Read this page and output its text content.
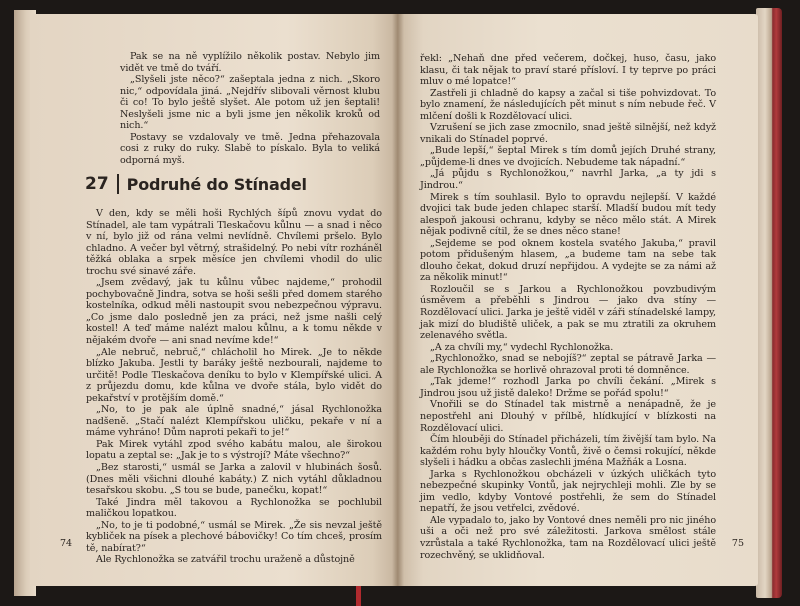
Pak se na ně vyplížilo několik postav. Nebylo jim vidět ve tmě do tváří.

„Slyšeli jste něco?“ zašeptala jedna z nich. „Skoro nic,“ odpovídala jiná. „Nejdřív slibovali věrnost klubu či co! To bylo ještě slyšet. Ale potom už jen šeptali! Neslyšeli jsme nic a byli jsme jen několik kroků od nich.“

Postavy se vzdalovaly ve tmě. Jedna přehazovala cosi z ruky do ruky. Slabě to pískalo. Byla to veliká odporná myš.

27 Podruhé do Stínadel

V den, kdy se měli hoši Rychlých šípů znovu vydat do Stínadel, ale tam vypátrali Tleskačovu kůlnu — a snad i něco v ní, bylo již od rána velmi nevlídně. Chvílemi pršelo. Bylo chladno. A večer byl větrný, strašidelný. Po nebi vítr rozháněl těžká oblaka a srpek měsíce jen chvílemi vhodil do ulic trochu své sinavé záře.

„Jsem zvědavý, jak tu kůlnu vůbec najdeme,“ prohodil pochybovačně Jindra, sotva se hoši sešli před domem starého kostelníka, odkud měli nastoupit svou nebezpečnou výpravu. „Co jsme dalo posledně jen za práci, než jsme našli celý kostel! A teď máme nalézt malou kůlnu, a k tomu někde v nějakém dvoře — ani snad nevíme kde!“

„Ale nebruč, nebruč,“ chlácholil ho Mirek. „Je to někde blízko Jakuba. Jestli ty baráky ještě nezbourali, najdeme to určitě! Podle Tleskačova deníku to bylo v Klempířské ulici. A z průjezdu domu, kde kůlna ve dvoře stála, bylo vidět do pekařství v protějším domě.“

„No, to je pak ale úplně snadné,“ jásal Rychlonožka nadšeně. „Stačí nalézt Klempířskou uličku, pekaře v ní a máme vyhráno! Dům naproti pekaři to je!“

Pak Mirek vytáhl zpod svého kabátu malou, ale širokou lopatu a zeptal se: „Jak je to s výstrojí? Máte všechno?“

„Bez starosti,“ usmál se Jarka a zalovil v hlubinách šosů. (Dnes měli všichni dlouhé kabáty.) Z nich vytáhl důkladnou tesařskou skobu. „S tou se bude, panečku, kopat!“

Také Jindra měl takovou a Rychlonožka se pochlubil maličkou lopatkou.

„No, to je ti podobné,“ usmál se Mirek. „Že sis nevzal ještě kybliček na písek a plechové bábovičky! Co tím chceš, prosím tě, nabírat?“

Ale Rychlonožka se zatvářil trochu uraženě a důstojně

74

řekl: „Nehaň dne před večerem, dočkej, huso, času, jako klasu, či tak nějak to praví staré přísloví. I ty teprve po práci mluv o mé lopatce!“

Zastřeli ji chladně do kapsy a začal si tiše pohvizdovat. To bylo znamení, že následujících pět minut s ním nebude řeč. V mlčení došli k Rozdělovací ulici.

Vzrušení se jich zase zmocnilo, snad ještě silnější, než když vnikali do Stínadel poprvé.

„Bude lepší,“ šeptal Mirek s tím domů jejích Druhé strany, „půjdeme-li dnes ve dvojicích. Nebudeme tak nápadní.“

„Já půjdu s Rychlonožkou,“ navrhl Jarka, „a ty jdi s Jindrou.“

Mirek s tím souhlasil. Bylo to opravdu nejlepší. V každé dvojici tak bude jeden chlapec starší. Mladší budou mít tedy alespoň jakousi ochranu, kdyby se něco mělo stát. A Mirek nějak podivně cítil, že se dnes něco stane!

„Sejdeme se pod oknem kostela svatého Jakuba,“ pravil potom přidušeným hlasem, „a budeme tam na sebe tak dlouho čekat, dokud druzí nepřijdou. A vydejte se za námi až za několik minut!“

Rozloučil se s Jarkou a Rychlonožkou povzbudivým úsměvem a přeběhli s Jindrou — jako dva stíny — Rozdělovací ulici. Jarka je ještě viděl v záři stínadelské lampy, jak mizí do bludiště uliček, a pak se mu ztratili za okruhem zelenavého světla.

„A za chvíli my,“ vydechl Rychlonožka.

„Rychlonožko, snad se nebojíš?“ zeptal se pátravě Jarka — ale Rychlonožka se horlivě ohrazoval proti té domněnce.

„Tak jdeme!“ rozhodl Jarka po chvíli čekání. „Mirek s Jindrou jsou už jistě daleko! Držme se pořád spolu!“

Vnořili se do Stínadel tak mistrně a nenápadně, že je nepostřehl ani Dlouhý v přílbě, hlídkující v blízkosti na Rozdělovací ulici.

Čím hlouběji do Stínadel přicházeli, tím živější tam bylo. Na každém rohu byly hloučky Vontů, živě o čemsi rokující, někde slyšeli i hádku a občas zaslechli jména Mažňák a Losna.

Jarka s Rychlonožkou obcházeli v úzkých uličkách tyto nebezpečné skupinky Vontů, jak nejrychleji mohli. Zle by se jim vedlo, kdyby Vontové postřehli, že sem do Stínadel nepatří, že jsou vetřelci, zvědové.

Ale vypadalo to, jako by Vontové dnes neměli pro nic jiného uši a oči než pro své záležitosti. Jarkova smělost stále vzrůstala a také Rychlonožka, tam na Rozdělovací ulici ještě rozechvěný, se uklidňoval.

75
